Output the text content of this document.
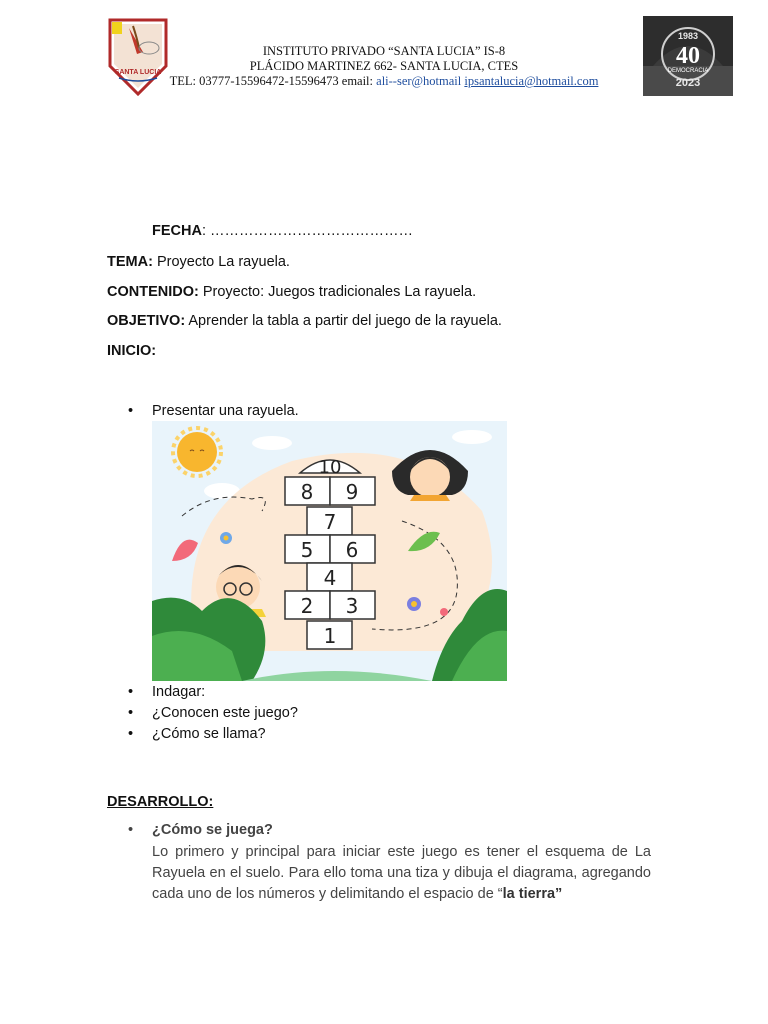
SANTA LUCIA
1983
40
DEMOCRACIA
2023
INSTITUTO PRIVADO “SANTA LUCIA” IS-8
PLÁCIDO MARTINEZ 662- SANTA LUCIA, CTES
TEL: 03777-15596472-15596473 email: ali--ser@hotmail ipsantalucia@hotmail.com
FECHA: ……………………………………
TEMA: Proyecto La rayuela.
CONTENIDO: Proyecto: Juegos tradicionales La rayuela.
OBJETIVO: Aprender la tabla a partir del juego de la rayuela.
INICIO:
Presentar una rayuela.
10
8 9
7
5 6
4
2 3
1
Indagar:
¿Conocen este juego?
¿Cómo se llama?
DESARROLLO:
• ¿Cómo se juega?
Lo primero y principal para iniciar este juego es tener el esquema de La Rayuela en el suelo. Para ello toma una tiza y dibuja el diagrama, agregando cada uno de los números y delimitando el espacio de “la tierra”
